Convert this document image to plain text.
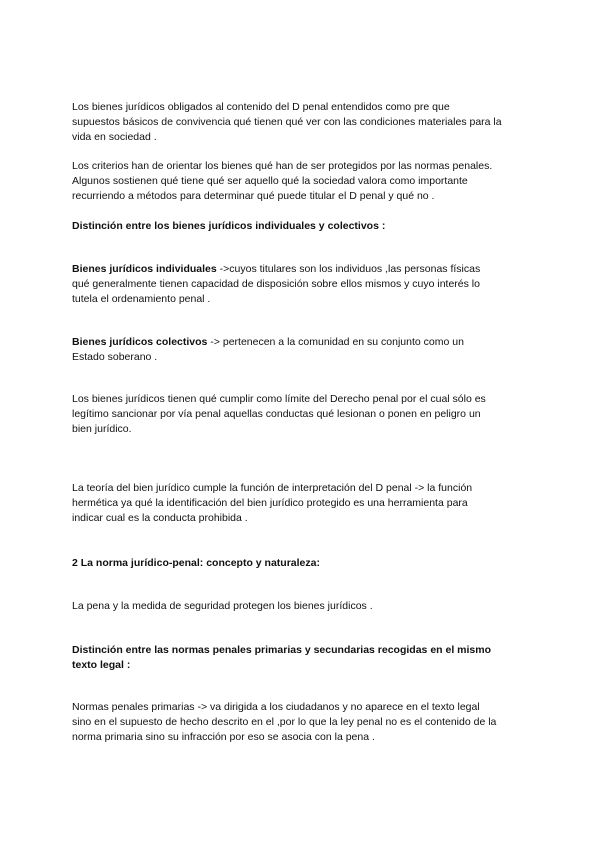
Los bienes jurídicos obligados al contenido del D penal entendidos como pre que
supuestos básicos de convivencia qué tienen qué ver con las condiciones materiales para la
vida en sociedad .

Los criterios han de orientar los bienes qué han de ser protegidos por las normas penales.
Algunos sostienen qué tiene qué ser aquello qué la sociedad valora como importante
recurriendo a métodos para determinar qué puede titular el D penal y qué no .

Distinción entre los bienes jurídicos individuales y colectivos :

Bienes jurídicos individuales ->cuyos titulares son los individuos ,las personas físicas
qué generalmente tienen capacidad de disposición sobre ellos mismos y cuyo interés lo
tutela el ordenamiento penal .

Bienes jurídicos colectivos -> pertenecen a la comunidad en su conjunto como un
Estado soberano .

Los bienes jurídicos tienen qué cumplir como límite del Derecho penal por el cual sólo es
legítimo sancionar por vía penal aquellas conductas qué lesionan o ponen en peligro un
bien jurídico.

La teoría del bien jurídico cumple la función de interpretación del D penal -> la función
hermética ya qué la identificación del bien jurídico protegido es una herramienta para
indicar cual es la conducta prohibida .

2 La norma jurídico-penal: concepto y naturaleza:

La pena y la medida de seguridad protegen los bienes jurídicos .

Distinción entre las normas penales primarias y secundarias recogidas en el mismo
texto legal :

Normas penales primarias -> va dirigida a los ciudadanos y no aparece en el texto legal
sino en el supuesto de hecho descrito en el ,por lo que la ley penal no es el contenido de la
norma primaria sino su infracción por eso se asocia con la pena .
